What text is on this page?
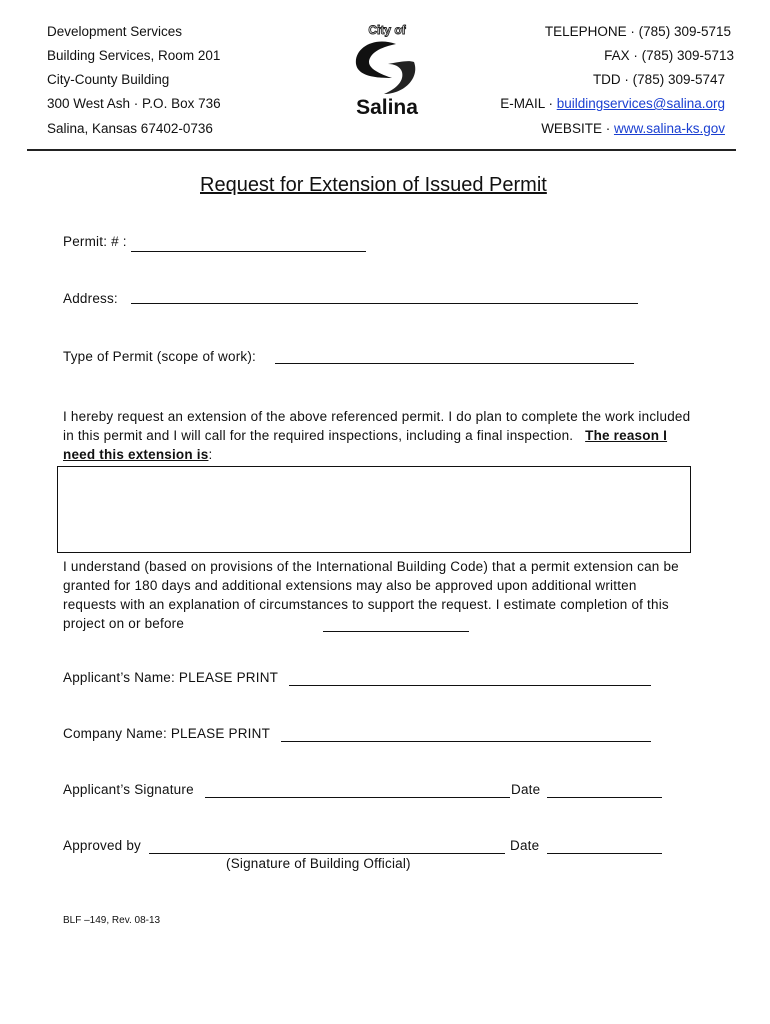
Development Services
Building Services, Room 201
City-County Building
300 West Ash · P.O. Box 736
Salina, Kansas 67402-0736
City of
Salina
TELEPHONE · (785) 309-5715
FAX · (785) 309-5713
TDD · (785) 309-5747
E-MAIL · buildingservices@salina.org
WEBSITE · www.salina-ks.gov
Request for Extension of Issued Permit
Permit: # :
Address:
Type of Permit (scope of work):
I hereby request an extension of the above referenced permit. I do plan to complete the work included in this permit and I will call for the required inspections, including a final inspection. The reason I need this extension is:
I understand (based on provisions of the International Building Code) that a permit extension can be granted for 180 days and additional extensions may also be approved upon additional written requests with an explanation of circumstances to support the request. I estimate completion of this project on or before
Applicant’s Name: PLEASE PRINT
Company Name: PLEASE PRINT
Applicant’s Signature	Date
Approved by	Date
(Signature of Building Official)
BLF –149, Rev. 08-13
